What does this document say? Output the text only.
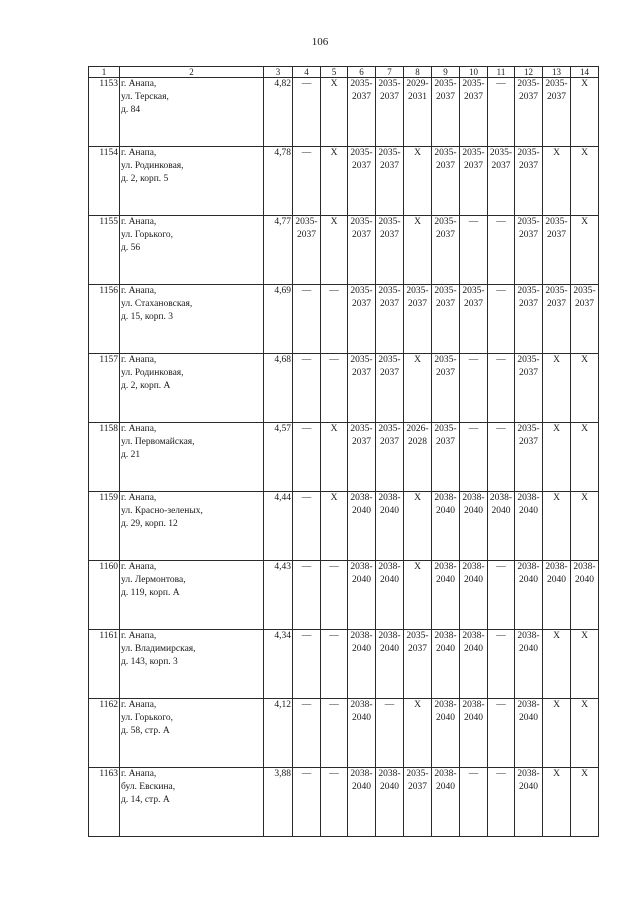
106
1	2	3	4	5	6	7	8	9	10	11	12	13	14
1153	г. Анапа,
ул. Терская,
д. 84	4,82	—	X	2035-
2037	2035-
2037	2029-
2031	2035-
2037	2035-
2037	—	2035-
2037	2035-
2037	X
1154	г. Анапа,
ул. Родинковая,
д. 2, корп. 5	4,78	—	X	2035-
2037	2035-
2037	X	2035-
2037	2035-
2037	2035-
2037	2035-
2037	X	X
1155	г. Анапа,
ул. Горького,
д. 56	4,77	2035-
2037	X	2035-
2037	2035-
2037	X	2035-
2037	—	—	2035-
2037	2035-
2037	X
1156	г. Анапа,
ул. Стахановская,
д. 15, корп. 3	4,69	—	—	2035-
2037	2035-
2037	2035-
2037	2035-
2037	2035-
2037	—	2035-
2037	2035-
2037	2035-
2037
1157	г. Анапа,
ул. Родинковая,
д. 2, корп. А	4,68	—	—	2035-
2037	2035-
2037	X	2035-
2037	—	—	2035-
2037	X	X
1158	г. Анапа,
ул. Первомайская,
д. 21	4,57	—	X	2035-
2037	2035-
2037	2026-
2028	2035-
2037	—	—	2035-
2037	X	X
1159	г. Анапа,
ул. Красно-зеленых,
д. 29, корп. 12	4,44	—	X	2038-
2040	2038-
2040	X	2038-
2040	2038-
2040	2038-
2040	2038-
2040	X	X
1160	г. Анапа,
ул. Лермонтова,
д. 119, корп. А	4,43	—	—	2038-
2040	2038-
2040	X	2038-
2040	2038-
2040	—	2038-
2040	2038-
2040	2038-
2040
1161	г. Анапа,
ул. Владимирская,
д. 143, корп. 3	4,34	—	—	2038-
2040	2038-
2040	2035-
2037	2038-
2040	2038-
2040	—	2038-
2040	X	X
1162	г. Анапа,
ул. Горького,
д. 58, стр. А	4,12	—	—	2038-
2040	—	X	2038-
2040	2038-
2040	—	2038-
2040	X	X
1163	г. Анапа,
бул. Евскина,
д. 14, стр. А	3,88	—	—	2038-
2040	2038-
2040	2035-
2037	2038-
2040	—	—	2038-
2040	X	X
